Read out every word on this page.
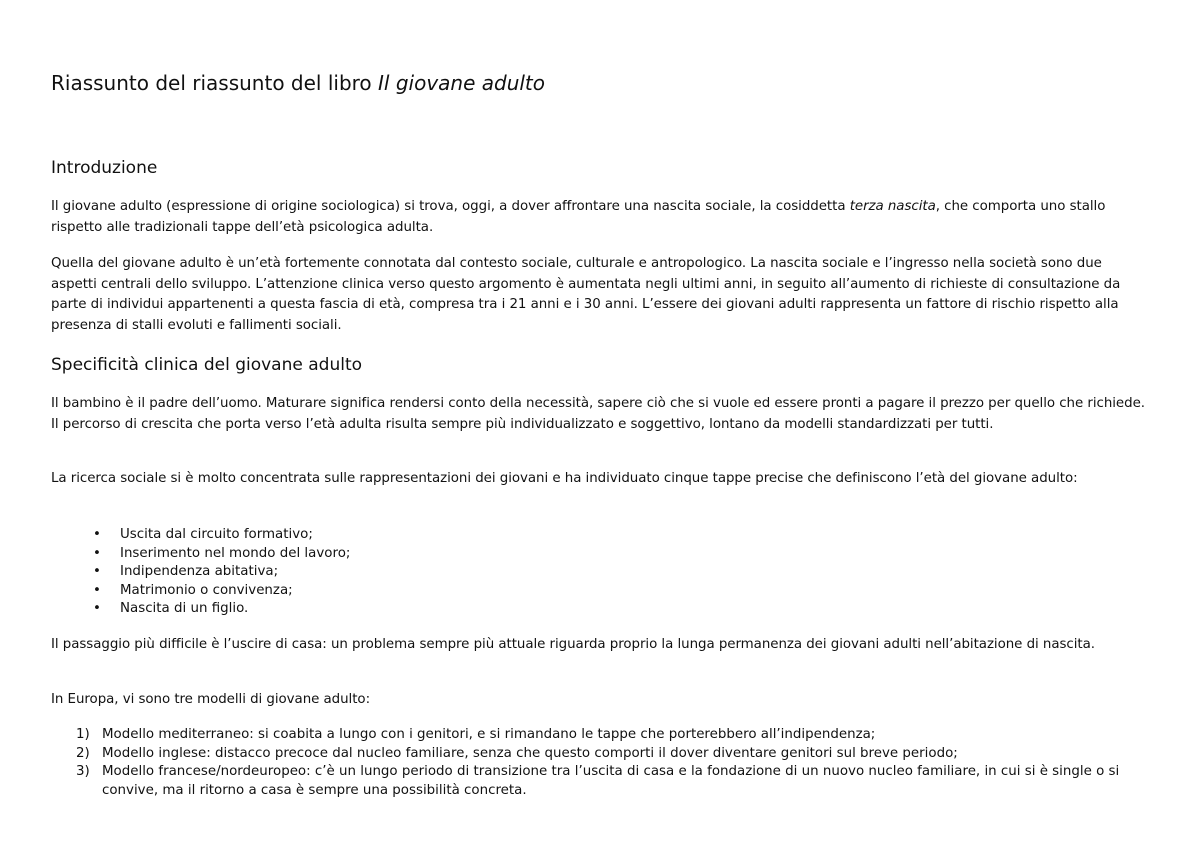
Riassunto del riassunto del libro Il giovane adulto
Introduzione

Il giovane adulto (espressione di origine sociologica) si trova, oggi, a dover affrontare una nascita sociale, la cosiddetta terza nascita, che comporta uno stallo rispetto alle tradizionali tappe dell’età psicologica adulta.

Quella del giovane adulto è un’età fortemente connotata dal contesto sociale, culturale e antropologico. La nascita sociale e l’ingresso nella società sono due aspetti centrali dello sviluppo. L’attenzione clinica verso questo argomento è aumentata negli ultimi anni, in seguito all’aumento di richieste di consultazione da parte di individui appartenenti a questa fascia di età, compresa tra i 21 anni e i 30 anni. L’essere dei giovani adulti rappresenta un fattore di rischio rispetto alla presenza di stalli evoluti e fallimenti sociali.

Specificità clinica del giovane adulto

Il bambino è il padre dell’uomo. Maturare significa rendersi conto della necessità, sapere ciò che si vuole ed essere pronti a pagare il prezzo per quello che richiede. Il percorso di crescita che porta verso l’età adulta risulta sempre più individualizzato e soggettivo, lontano da modelli standardizzati per tutti.

La ricerca sociale si è molto concentrata sulle rappresentazioni dei giovani e ha individuato cinque tappe precise che definiscono l’età del giovane adulto:

• Uscita dal circuito formativo;
• Inserimento nel mondo del lavoro;
• Indipendenza abitativa;
• Matrimonio o convivenza;
• Nascita di un figlio.

Il passaggio più difficile è l’uscire di casa: un problema sempre più attuale riguarda proprio la lunga permanenza dei giovani adulti nell’abitazione di nascita.

In Europa, vi sono tre modelli di giovane adulto:

1) Modello mediterraneo: si coabita a lungo con i genitori, e si rimandano le tappe che porterebbero all’indipendenza;
2) Modello inglese: distacco precoce dal nucleo familiare, senza che questo comporti il dover diventare genitori sul breve periodo;
3) Modello francese/nordeuropeo: c’è un lungo periodo di transizione tra l’uscita di casa e la fondazione di un nuovo nucleo familiare, in cui si è single o si convive, ma il ritorno a casa è sempre una possibilità concreta.
